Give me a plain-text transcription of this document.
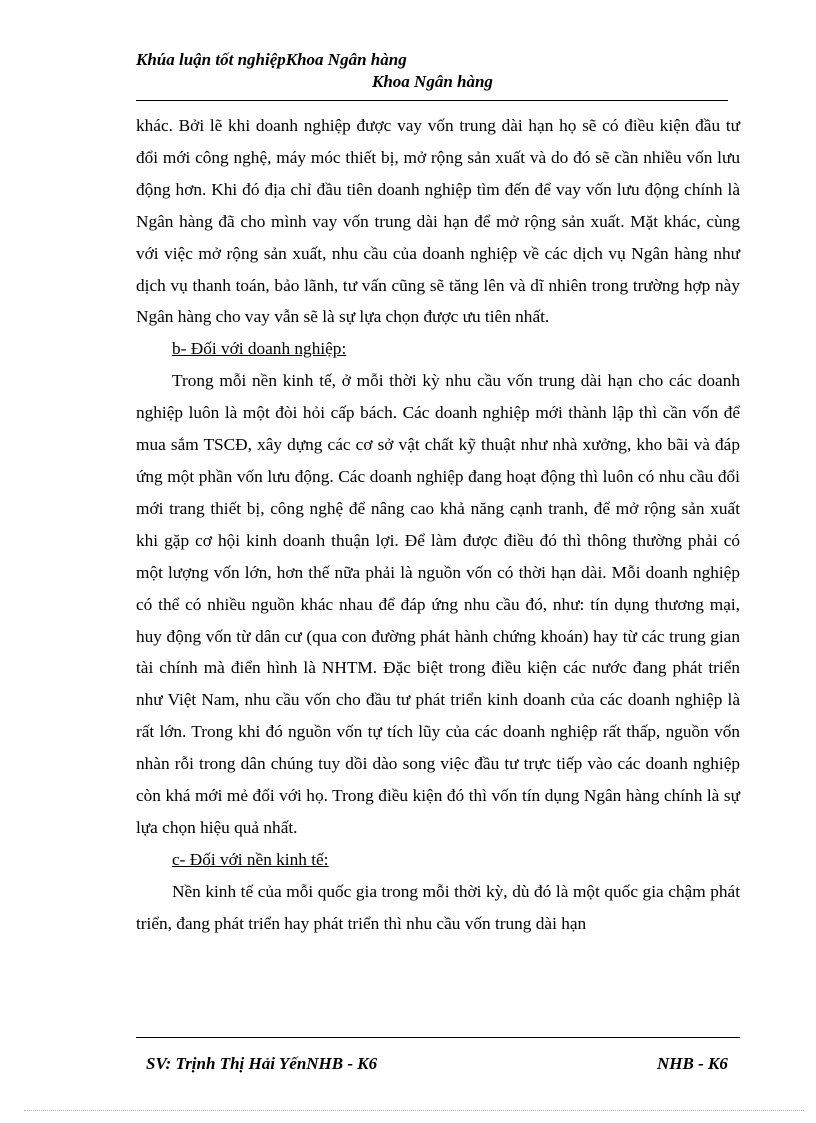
Khúa luận tốt nghiệpKhoa Ngân hàng
Khoa Ngân hàng

khác. Bởi lẽ khi doanh nghiệp được vay vốn trung dài hạn họ sẽ có điều kiện đầu tư đổi mới công nghệ, máy móc thiết bị, mở rộng sản xuất và do đó sẽ cần nhiều vốn lưu động hơn. Khi đó địa chỉ đầu tiên doanh nghiệp tìm đến để vay vốn lưu động chính là Ngân hàng đã cho mình vay vốn trung dài hạn để mở rộng sản xuất. Mặt khác, cùng với việc mở rộng sản xuất, nhu cầu của doanh nghiệp về các dịch vụ Ngân hàng như dịch vụ thanh toán, bảo lãnh, tư vấn cũng sẽ tăng lên và dĩ nhiên trong trường hợp này Ngân hàng cho vay vẫn sẽ là sự lựa chọn được ưu tiên nhất.

b- Đối với doanh nghiệp:

Trong mỗi nền kinh tế, ở mỗi thời kỳ nhu cầu vốn trung dài hạn cho các doanh nghiệp luôn là một đòi hỏi cấp bách. Các doanh nghiệp mới thành lập thì cần vốn để mua sắm TSCĐ, xây dựng các cơ sở vật chất kỹ thuật như nhà xưởng, kho bãi và đáp ứng một phần vốn lưu động. Các doanh nghiệp đang hoạt động thì luôn có nhu cầu đổi mới trang thiết bị, công nghệ để nâng cao khả năng cạnh tranh, để mở rộng sản xuất khi gặp cơ hội kinh doanh thuận lợi. Để làm được điều đó thì thông thường phải có một lượng vốn lớn, hơn thế nữa phải là nguồn vốn có thời hạn dài. Mỗi doanh nghiệp có thể có nhiều nguồn khác nhau để đáp ứng nhu cầu đó, như: tín dụng thương mại, huy động vốn từ dân cư (qua con đường phát hành chứng khoán) hay từ các trung gian tài chính mà điển hình là NHTM. Đặc biệt trong điều kiện các nước đang phát triển như Việt Nam, nhu cầu vốn cho đầu tư phát triển kinh doanh của các doanh nghiệp là rất lớn. Trong khi đó nguồn vốn tự tích lũy của các doanh nghiệp rất thấp, nguồn vốn nhàn rỗi trong dân chúng tuy dồi dào song việc đầu tư trực tiếp vào các doanh nghiệp còn khá mới mẻ đối với họ. Trong điều kiện đó thì vốn tín dụng Ngân hàng chính là sự lựa chọn hiệu quả nhất.

c- Đối với nền kinh tế:

Nền kinh tế của mỗi quốc gia trong mỗi thời kỳ, dù đó là một quốc gia chậm phát triển, đang phát triển hay phát triển thì nhu cầu vốn trung dài hạn

SV: Trịnh Thị Hải YếnNHB - K6	NHB - K6
